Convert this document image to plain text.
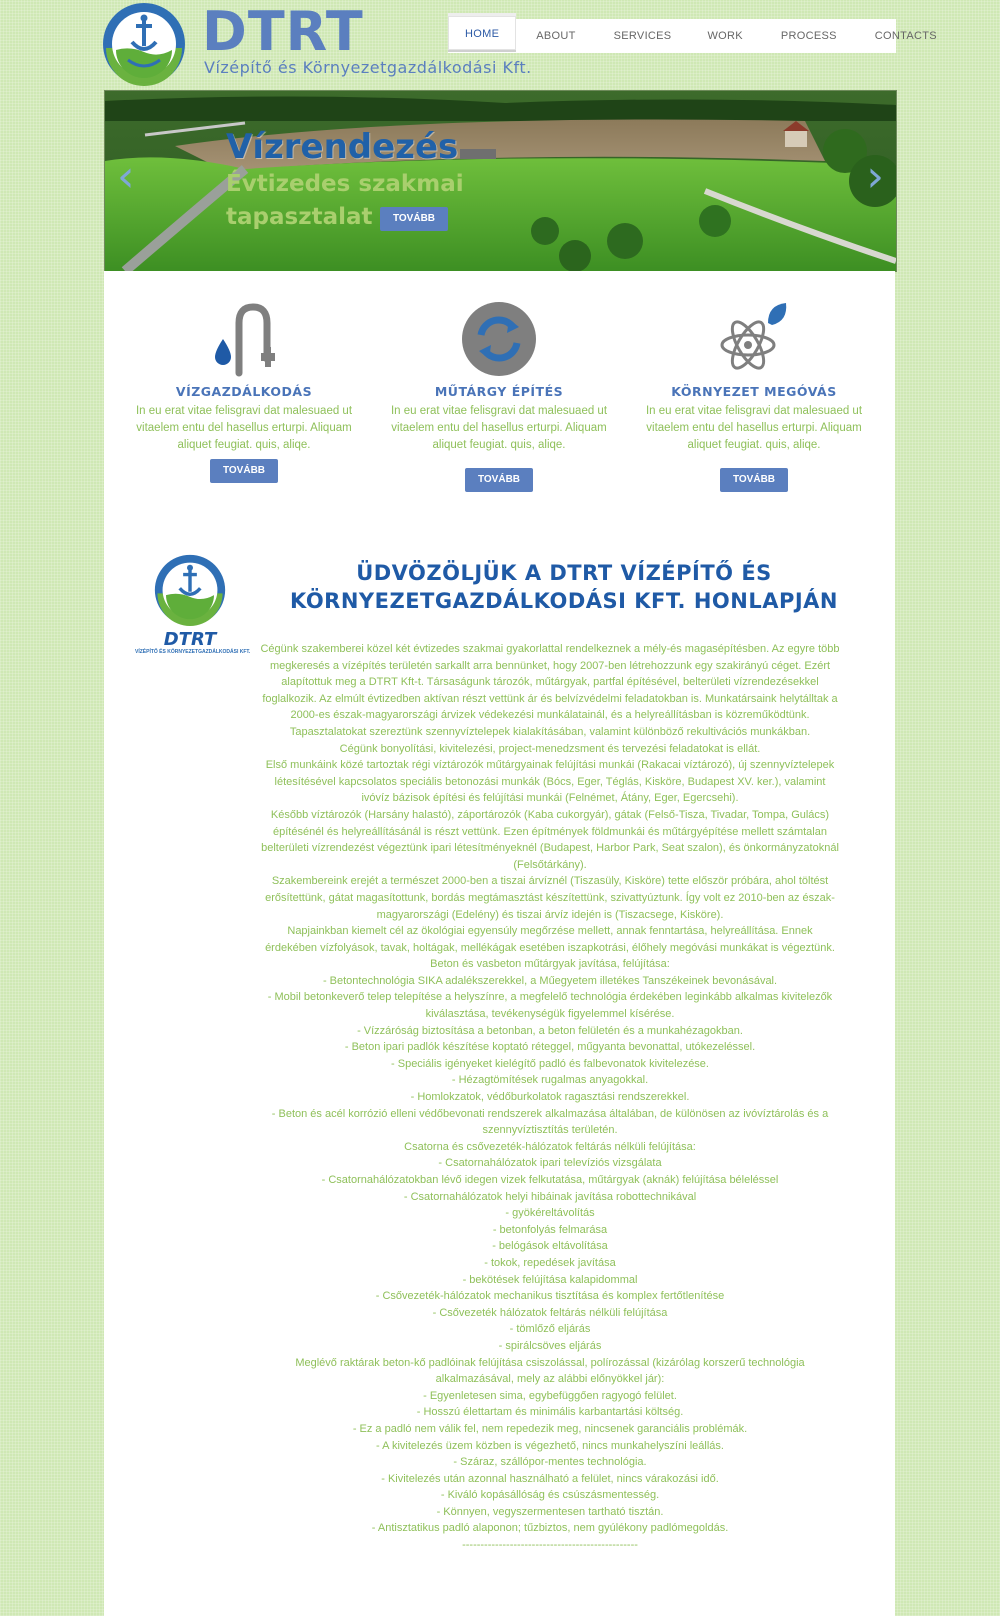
DTRT
Vízépítő és Környezetgazdálkodási Kft.
HOME	ABOUT	SERVICES	WORK	PROCESS	CONTACTS
‹	›
Vízrendezés
Évtizedes szakmai
tapasztalat	TOVÁBB
VÍZGAZDÁLKODÁS
In eu erat vitae felisgravi dat malesuaed ut vitaelem entu del hasellus erturpi. Aliquam aliquet feugiat. quis, aliqe.
TOVÁBB
MŰTÁRGY ÉPÍTÉS
In eu erat vitae felisgravi dat malesuaed ut vitaelem entu del hasellus erturpi. Aliquam aliquet feugiat. quis, aliqe.
TOVÁBB
KÖRNYEZET MEGÓVÁS
In eu erat vitae felisgravi dat malesuaed ut vitaelem entu del hasellus erturpi. Aliquam aliquet feugiat. quis, aliqe.
TOVÁBB
DTRT
VÍZÉPÍTŐ ÉS KÖRNYEZETGAZDÁLKODÁSI KFT.
ÜDVÖZÖLJÜK A DTRT VÍZÉPÍTŐ ÉS
KÖRNYEZETGAZDÁLKODÁSI KFT. HONLAPJÁN

Cégünk szakemberei közel két évtizedes szakmai gyakorlattal rendelkeznek a mély-és magasépítésben. Az egyre több megkeresés a vízépítés területén sarkallt arra bennünket, hogy 2007-ben létrehozzunk egy szakirányú céget. Ezért alapítottuk meg a DTRT Kft-t. Társaságunk tározók, műtárgyak, partfal építésével, belterületi vízrendezésekkel foglalkozik. Az elmúlt évtizedben aktívan részt vettünk ár és belvízvédelmi feladatokban is. Munkatársaink helytálltak a 2000-es észak-magyarországi árvizek védekezési munkálatainál, és a helyreállításban is közreműködtünk. Tapasztalatokat szereztünk szennyvíztelepek kialakításában, valamint különböző rekultivációs munkákban.

Cégünk bonyolítási, kivitelezési, project-menedzsment és tervezési feladatokat is ellát.

Első munkáink közé tartoztak régi víztározók műtárgyainak felújítási munkái (Rakacai víztározó), új szennyvíztelepek létesítésével kapcsolatos speciális betonozási munkák (Bócs, Eger, Téglás, Kisköre, Budapest XV. ker.), valamint ivóvíz bázisok építési és felújítási munkái (Felnémet, Átány, Eger, Egercsehi).

Később víztározók (Harsány halastó), záportározók (Kaba cukorgyár), gátak (Felső-Tisza, Tivadar, Tompa, Gulács) építésénél és helyreállításánál is részt vettünk. Ezen építmények földmunkái és műtárgyépítése mellett számtalan belterületi vízrendezést végeztünk ipari létesítményeknél (Budapest, Harbor Park, Seat szalon), és önkormányzatoknál (Felsőtárkány).

Szakembereink erejét a természet 2000-ben a tiszai árvíznél (Tiszasüly, Kisköre) tette először próbára, ahol töltést erősítettünk, gátat magasítottunk, bordás megtámasztást készítettünk, szivattyúztunk. Így volt ez 2010-ben az észak-magyarországi (Edelény) és tiszai árvíz idején is (Tiszacsege, Kisköre).

Napjainkban kiemelt cél az ökológiai egyensúly megőrzése mellett, annak fenntartása, helyreállítása. Ennek érdekében vízfolyások, tavak, holtágak, mellékágak esetében iszapkotrási, élőhely megóvási munkákat is végeztünk.

Beton és vasbeton műtárgyak javítása, felújítása:

- Betontechnológia SIKA adalékszerekkel, a Műegyetem illetékes Tanszékeinek bevonásával.

- Mobil betonkeverő telep telepítése a helyszínre, a megfelelő technológia érdekében leginkább alkalmas kivitelezők kiválasztása, tevékenységük figyelemmel kísérése.

- Vízzáróság biztosítása a betonban, a beton felületén és a munkahézagokban.

- Beton ipari padlók készítése koptató réteggel, műgyanta bevonattal, utókezeléssel.

- Speciális igényeket kielégítő padló és falbevonatok kivitelezése.

- Hézagtömítések rugalmas anyagokkal.

- Homlokzatok, védőburkolatok ragasztási rendszerekkel.

- Beton és acél korrózió elleni védőbevonati rendszerek alkalmazása általában, de különösen az ivóvíztárolás és a szennyvíztisztítás területén.

Csatorna és csővezeték-hálózatok feltárás nélküli felújítása:

- Csatornahálózatok ipari televíziós vizsgálata

- Csatornahálózatokban lévő idegen vizek felkutatása, műtárgyak (aknák) felújítása béleléssel

- Csatornahálózatok helyi hibáinak javítása robottechnikával

- gyökéreltávolítás

- betonfolyás felmarása

- belógások eltávolítása

- tokok, repedések javítása

- bekötések felújítása kalapidommal

- Csővezeték-hálózatok mechanikus tisztítása és komplex fertőtlenítése

- Csővezeték hálózatok feltárás nélküli felújítása

- tömlőző eljárás

- spirálcsöves eljárás

Meglévő raktárak beton-kő padlóinak felújítása csiszolással, polírozással (kizárólag korszerű technológia alkalmazásával, mely az alábbi előnyökkel jár):

- Egyenletesen sima, egybefüggően ragyogó felület.

- Hosszú élettartam és minimális karbantartási költség.

- Ez a padló nem válik fel, nem repedezik meg, nincsenek garanciális problémák.

- A kivitelezés üzem közben is végezhető, nincs munkahelyszíni leállás.

- Száraz, szállópor-mentes technológia.

- Kivitelezés után azonnal használható a felület, nincs várakozási idő.

- Kiváló kopásállóság és csúszásmentesség.

- Könnyen, vegyszermentesen tartható tisztán.

- Antisztatikus padló alaponon; tűzbiztos, nem gyúlékony padlómegoldás.

------------------------------------------------
